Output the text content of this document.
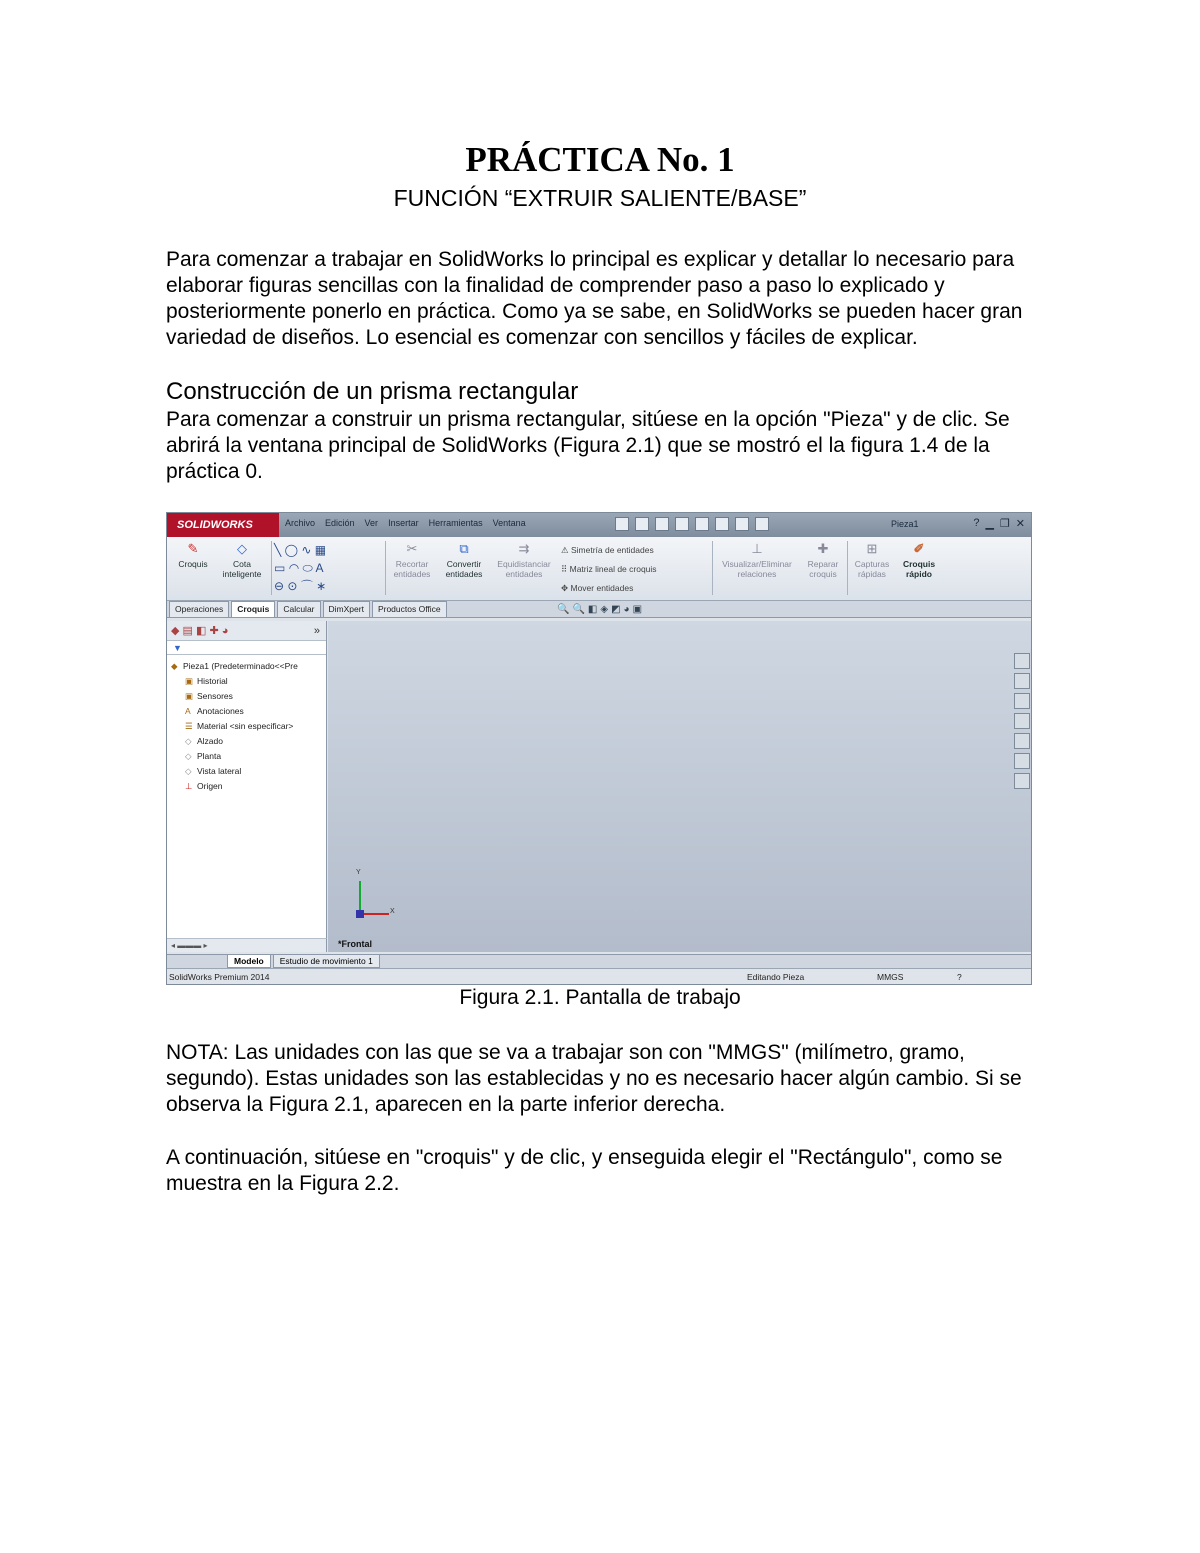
PRÁCTICA No. 1
FUNCIÓN “EXTRUIR SALIENTE/BASE”

Para comenzar a trabajar en SolidWorks lo principal es explicar y detallar lo necesario para elaborar figuras sencillas con la finalidad de comprender paso a paso lo explicado y posteriormente ponerlo en práctica. Como ya se sabe, en SolidWorks se pueden hacer gran variedad de diseños. Lo esencial es comenzar con sencillos y fáciles de explicar.

Construcción de un prisma rectangular

Para comenzar a construir un prisma rectangular, sitúese en la opción "Pieza" y de clic. Se abrirá la ventana principal de SolidWorks (Figura 2.1) que se mostró el la figura 1.4 de la práctica 0.

SOLIDWORKS	Archivo Edición Ver Insertar Herramientas Ventana	Pieza1	? ▁ ❐ ✕
✎
Croquis
◇
Cota inteligente
╲ ◯ ∿ ▦
▭ ◠ ⬭ A
⊖ ⊙ ⌒ ∗
✂
Recortar entidades
⧉
Convertir entidades
⇉
Equidistanciar entidades
⚠ Simetría de entidades
⠿ Matriz lineal de croquis
✥ Mover entidades
⊥
Visualizar/Eliminar relaciones
✚
Reparar croquis
⊞
Capturas rápidas
✐
Croquis rápido
Operaciones	Croquis	Calcular	DimXpert	Productos Office	🔍🔍◧◈◩◕▣
◆ ▤ ◧ ✚ ◕	»
▼
◆ Pieza1 (Predeterminado<<Pre
▣ Historial
▣ Sensores
A Anotaciones
☰ Material <sin especificar>
◇ Alzado
◇ Planta
◇ Vista lateral
⊥ Origen
◂ ▬▬▬ ▸
Y
X
*Frontal
Modelo	Estudio de movimiento 1
SolidWorks Premium 2014	Editando Pieza	MMGS	?
Figura 2.1. Pantalla de trabajo

NOTA: Las unidades con las que se va a trabajar son con "MMGS" (milímetro, gramo, segundo). Estas unidades son las establecidas y no es necesario hacer algún cambio. Si se observa la Figura 2.1, aparecen en la parte inferior derecha.

A continuación, sitúese en "croquis" y de clic, y enseguida elegir el "Rectángulo", como se muestra en la Figura 2.2.
